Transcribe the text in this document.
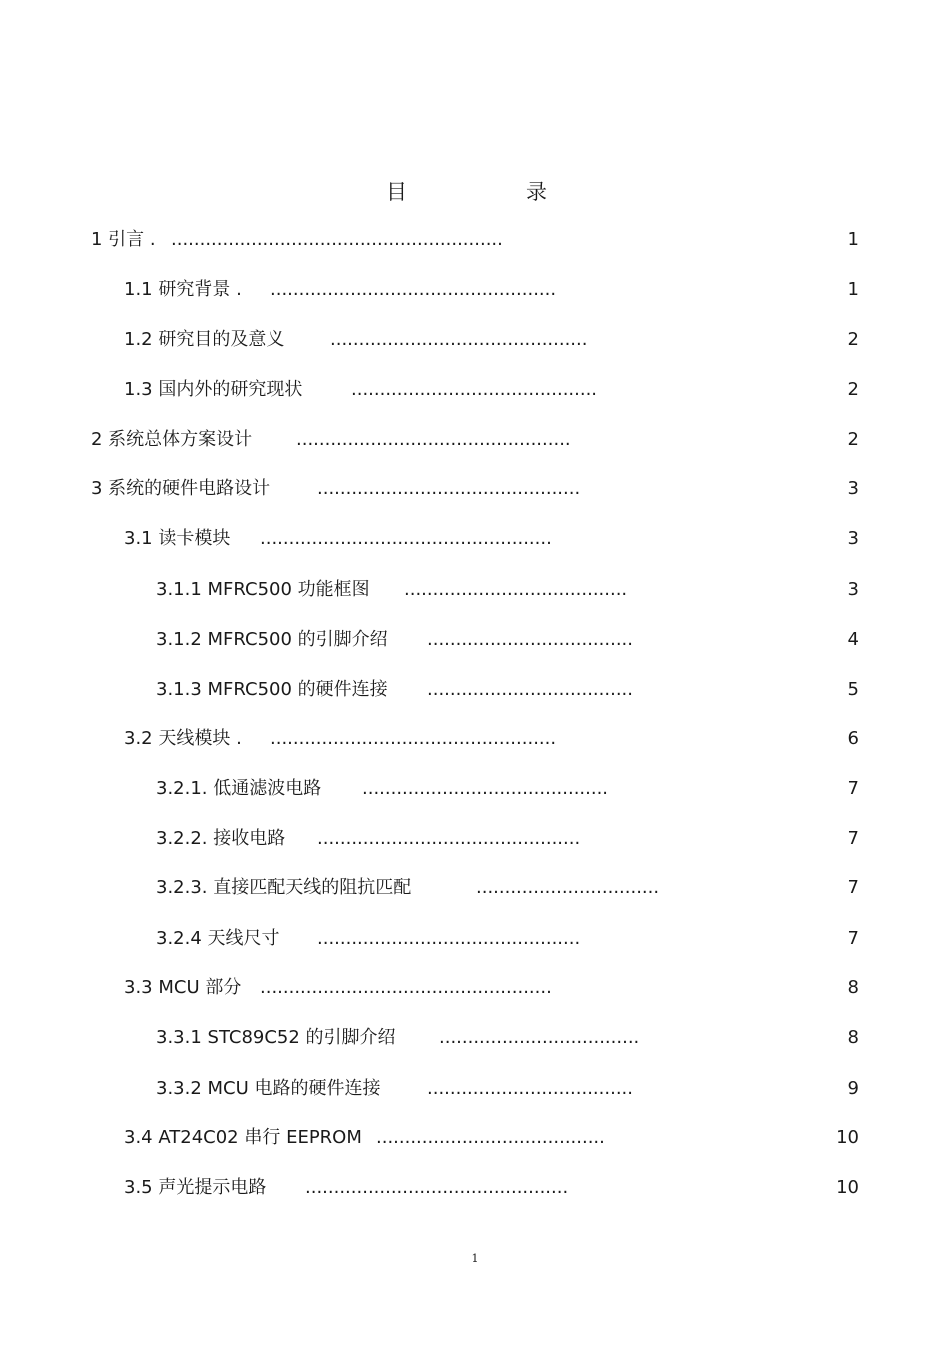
目	录
1 引言 . ..........................................................	1
1.1 研究背景 . ..................................................	1
1.2 研究目的及意义	.............................................	2
1.3 国内外的研究现状	...........................................	2
2 系统总体方案设计 ................................................	2
3 系统的硬件电路设计	..............................................	3
3.1 读卡模块 ...................................................	3
3.1.1 MFRC500 功能框图 .......................................	3
3.1.2 MFRC500 的引脚介绍 ....................................	4
3.1.3 MFRC500 的硬件连接 ....................................	5
3.2 天线模块 . ..................................................	6
3.2.1. 低通滤波电路 ...........................................	7
3.2.2. 接收电路 ..............................................	7
3.2.3. 直接匹配天线的阻抗匹配	................................	7
3.2.4 天线尺寸 ..............................................	7
3.3 MCU 部分 ...................................................	8
3.3.1 STC89C52 的引脚介绍 ...................................	8
3.3.2 MCU 电路的硬件连接	....................................	9
3.4 AT24C02 串行 EEPROM ........................................	10
3.5 声光提示电路 ..............................................	10
1
